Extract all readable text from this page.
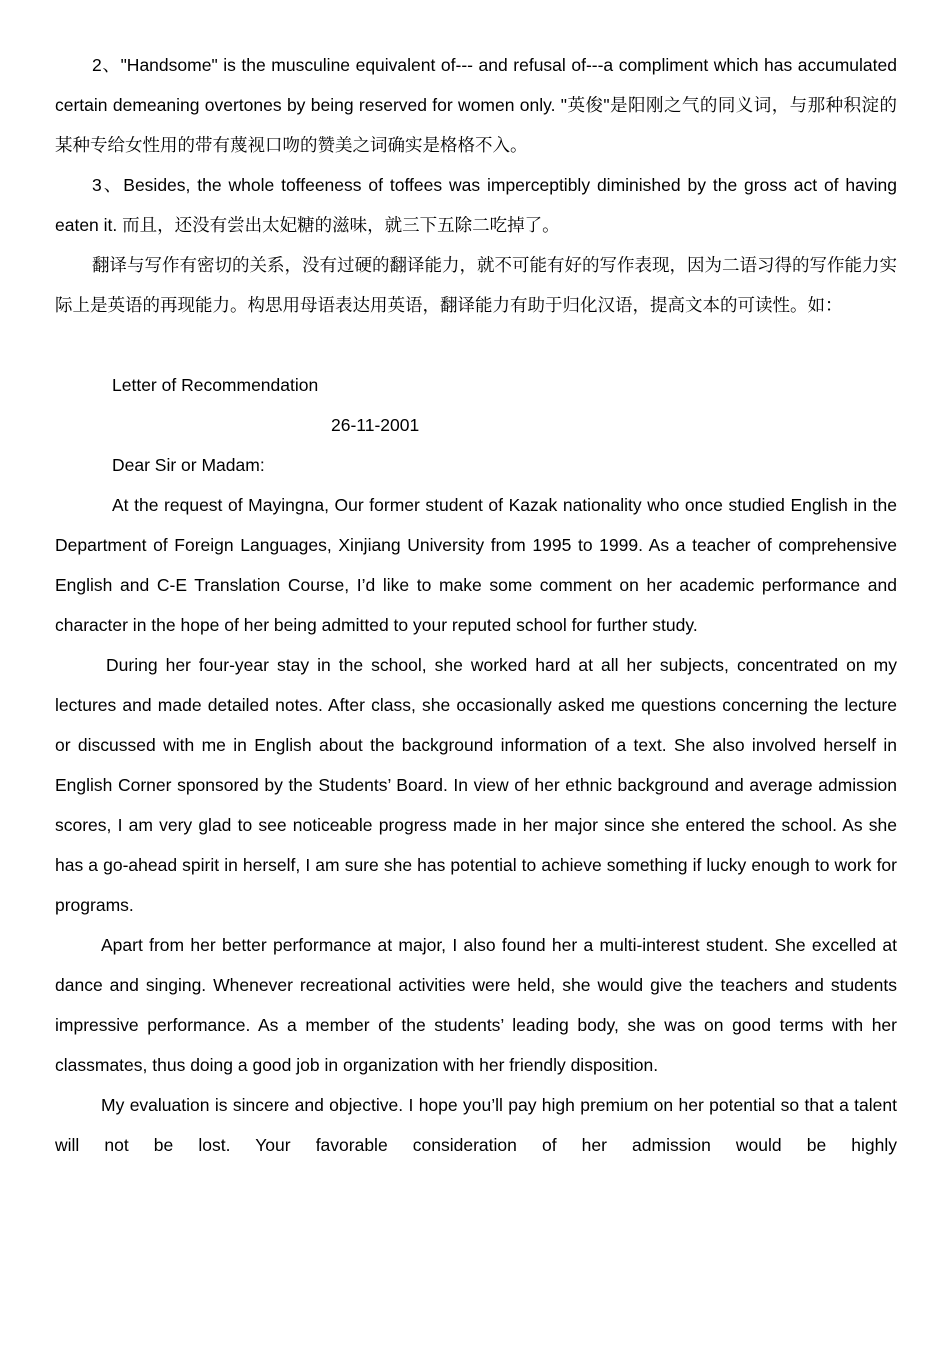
2、"Handsome" is the musculine equivalent of--- and refusal of---a compliment which has accumulated certain demeaning overtones by being reserved for women only. "英俊"是阳刚之气的同义词，与那种积淀的某种专给女性用的带有蔑视口吻的赞美之词确实是格格不入。

3、Besides, the whole toffeeness of toffees was imperceptibly diminished by the gross act of having eaten it. 而且，还没有尝出太妃糖的滋味，就三下五除二吃掉了。

翻译与写作有密切的关系，没有过硬的翻译能力，就不可能有好的写作表现，因为二语习得的写作能力实际上是英语的再现能力。构思用母语表达用英语，翻译能力有助于归化汉语，提高文本的可读性。如：

Letter of Recommendation

26-11-2001

Dear Sir or Madam:

At the request of Mayingna, Our former student of Kazak nationality who once studied English in the Department of Foreign Languages, Xinjiang University from 1995 to 1999. As a teacher of comprehensive English and C-E Translation Course, I’d like to make some comment on her academic performance and character in the hope of her being admitted to your reputed school for further study.

During her four-year stay in the school, she worked hard at all her subjects, concentrated on my lectures and made detailed notes. After class, she occasionally asked me questions concerning the lecture or discussed with me in English about the background information of a text. She also involved herself in English Corner sponsored by the Students’ Board. In view of her ethnic background and average admission scores, I am very glad to see noticeable progress made in her major since she entered the school. As she has a go-ahead spirit in herself, I am sure she has potential to achieve something if lucky enough to work for programs.

Apart from her better performance at major, I also found her a multi-interest student. She excelled at dance and singing. Whenever recreational activities were held, she would give the teachers and students impressive performance. As a member of the students’ leading body, she was on good terms with her classmates, thus doing a good job in organization with her friendly disposition.

My evaluation is sincere and objective. I hope you’ll pay high premium on her potential so that a talent will not be lost. Your favorable consideration of her admission would be highly
